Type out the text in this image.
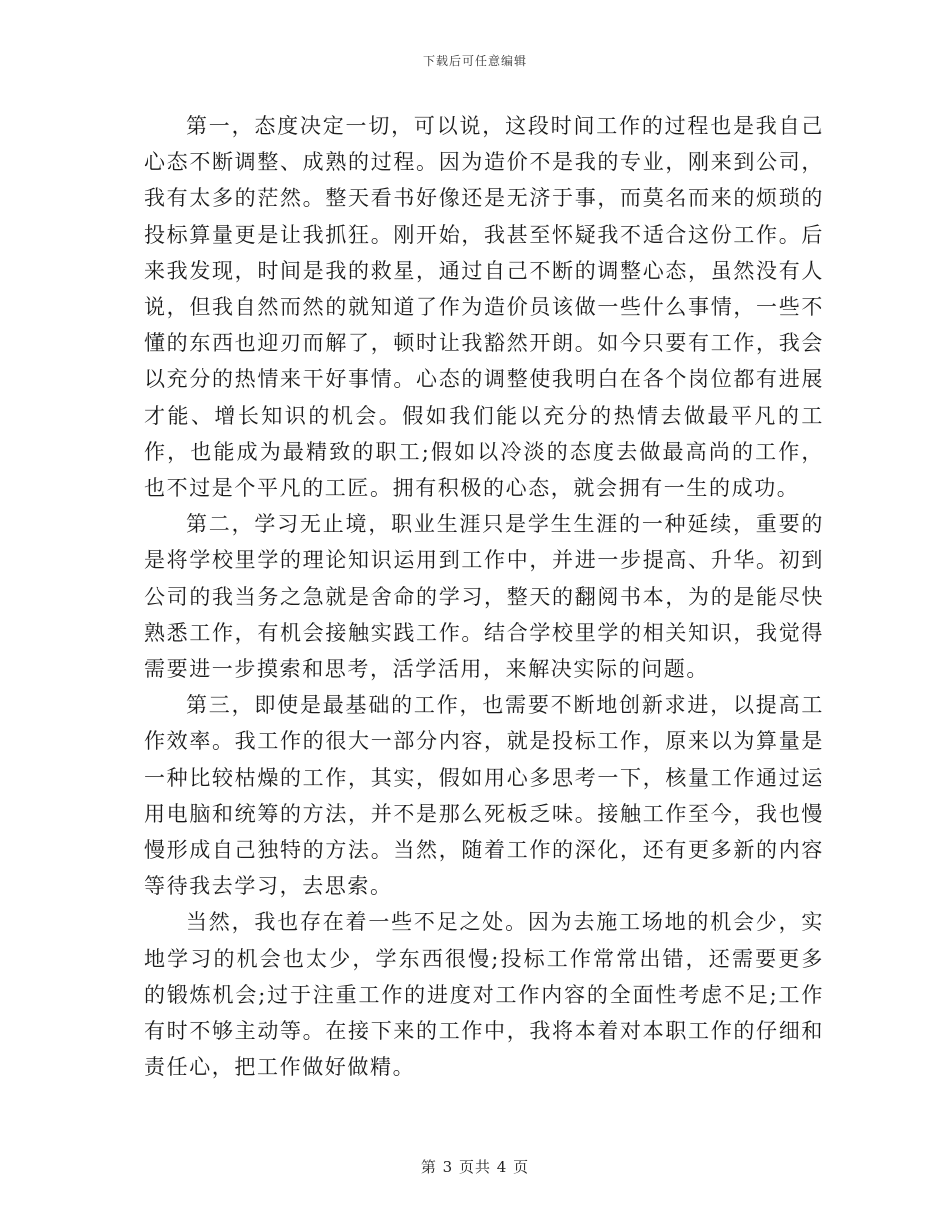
下载后可任意编辑

第一，态度决定一切，可以说，这段时间工作的过程也是我自己心态不断调整、成熟的过程。因为造价不是我的专业，刚来到公司，我有太多的茫然。整天看书好像还是无济于事，而莫名而来的烦琐的投标算量更是让我抓狂。刚开始，我甚至怀疑我不适合这份工作。后来我发现，时间是我的救星，通过自己不断的调整心态，虽然没有人说，但我自然而然的就知道了作为造价员该做一些什么事情，一些不懂的东西也迎刃而解了，顿时让我豁然开朗。如今只要有工作，我会以充分的热情来干好事情。心态的调整使我明白在各个岗位都有进展才能、增长知识的机会。假如我们能以充分的热情去做最平凡的工作，也能成为最精致的职工;假如以冷淡的态度去做最高尚的工作，也不过是个平凡的工匠。拥有积极的心态，就会拥有一生的成功。

第二，学习无止境，职业生涯只是学生生涯的一种延续，重要的是将学校里学的理论知识运用到工作中，并进一步提高、升华。初到公司的我当务之急就是舍命的学习，整天的翻阅书本，为的是能尽快熟悉工作，有机会接触实践工作。结合学校里学的相关知识，我觉得需要进一步摸索和思考，活学活用，来解决实际的问题。

第三，即使是最基础的工作，也需要不断地创新求进，以提高工作效率。我工作的很大一部分内容，就是投标工作，原来以为算量是一种比较枯燥的工作，其实，假如用心多思考一下，核量工作通过运用电脑和统筹的方法，并不是那么死板乏味。接触工作至今，我也慢慢形成自己独特的方法。当然，随着工作的深化，还有更多新的内容等待我去学习，去思索。

当然，我也存在着一些不足之处。因为去施工场地的机会少，实地学习的机会也太少，学东西很慢;投标工作常常出错，还需要更多的锻炼机会;过于注重工作的进度对工作内容的全面性考虑不足;工作有时不够主动等。在接下来的工作中，我将本着对本职工作的仔细和责任心，把工作做好做精。

第 3 页共 4 页
